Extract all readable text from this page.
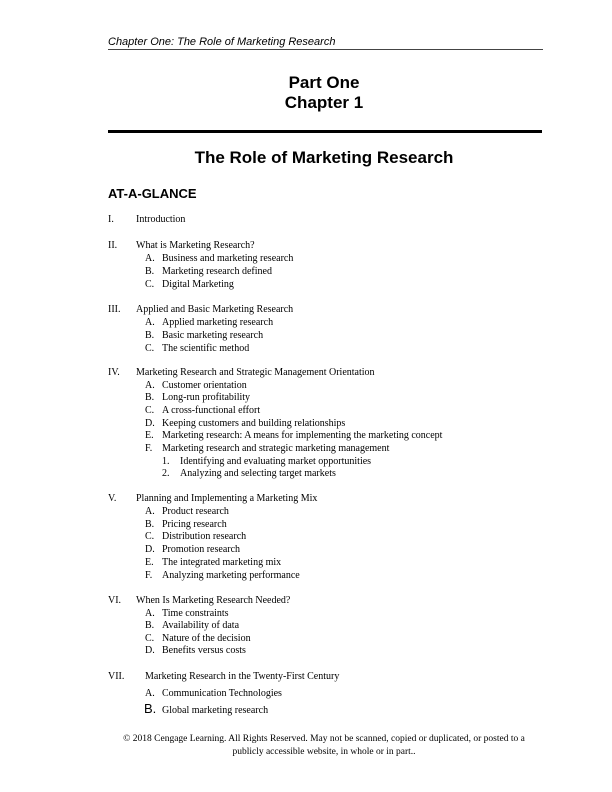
Chapter One: The Role of Marketing Research
Part One
Chapter 1
The Role of Marketing Research
AT-A-GLANCE
I. Introduction
II. What is Marketing Research?
A. Business and marketing research
B. Marketing research defined
C. Digital Marketing
III. Applied and Basic Marketing Research
A. Applied marketing research
B. Basic marketing research
C. The scientific method
IV. Marketing Research and Strategic Management Orientation
A. Customer orientation
B. Long-run profitability
C. A cross-functional effort
D. Keeping customers and building relationships
E. Marketing research: A means for implementing the marketing concept
F. Marketing research and strategic marketing management
1. Identifying and evaluating market opportunities
2. Analyzing and selecting target markets
V. Planning and Implementing a Marketing Mix
A. Product research
B. Pricing research
C. Distribution research
D. Promotion research
E. The integrated marketing mix
F. Analyzing marketing performance
VI. When Is Marketing Research Needed?
A. Time constraints
B. Availability of data
C. Nature of the decision
D. Benefits versus costs
VII. Marketing Research in the Twenty-First Century
A. Communication Technologies
B. Global marketing research
© 2018 Cengage Learning. All Rights Reserved. May not be scanned, copied or duplicated, or posted to a
publicly accessible website, in whole or in part..
